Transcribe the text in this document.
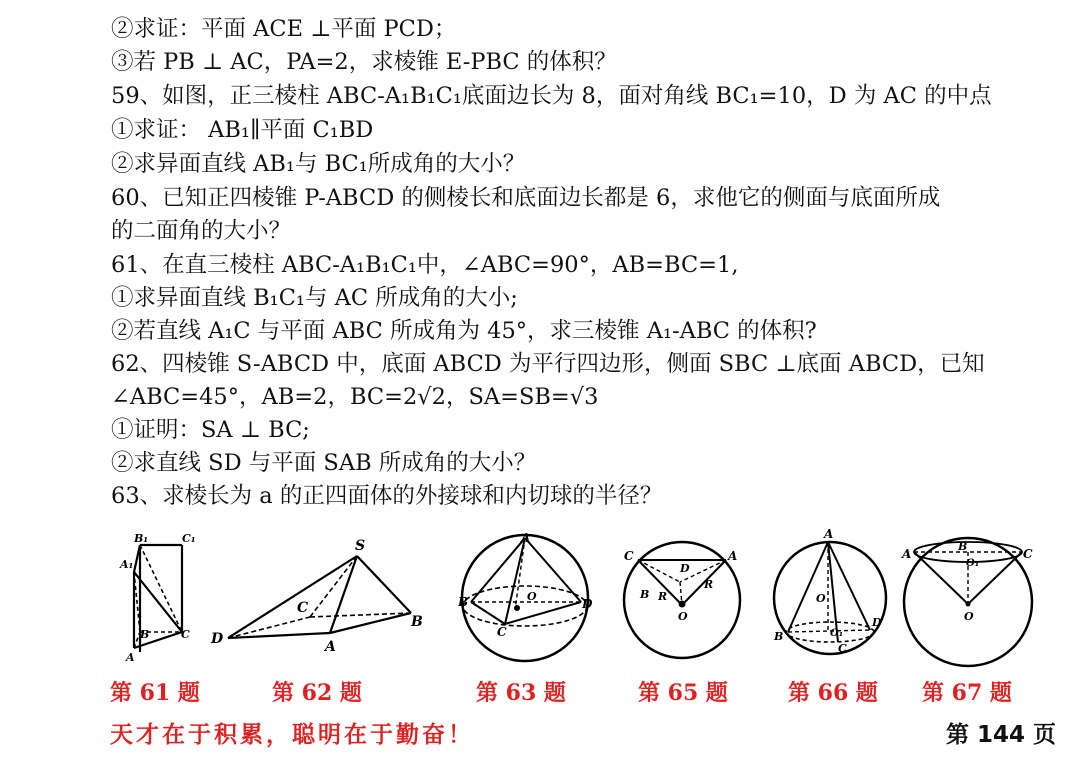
②求证：平面 ACE ⊥平面 PCD；
③若 PB ⊥ AC，PA=2，求棱锥 E-PBC 的体积？
59、如图，正三棱柱 ABC-A₁B₁C₁底面边长为 8，面对角线 BC₁=10，D 为 AC 的中点
①求证： AB₁∥平面 C₁BD
②求异面直线 AB₁与 BC₁所成角的大小？
60、已知正四棱锥 P-ABCD 的侧棱长和底面边长都是 6，求他它的侧面与底面所成
的二面角的大小？
61、在直三棱柱 ABC-A₁B₁C₁中，∠ABC=90°，AB=BC=1,
①求异面直线 B₁C₁与 AC 所成角的大小;
②若直线 A₁C 与平面 ABC 所成角为 45°，求三棱锥 A₁-ABC 的体积?
62、四棱锥 S-ABCD 中，底面 ABCD 为平行四边形，侧面 SBC ⊥底面 ABCD，已知
∠ABC=45°，AB=2，BC=2√2，SA=SB=√3
①证明：SA ⊥ BC;
②求直线 SD 与平面 SAB 所成角的大小？
63、求棱长为 a 的正四面体的外接球和内切球的半径？
B₁	C₁
A₁
B	C
A
S
C
B
D	A
A
B	D
C
O
C	A
D
B R
R
O
A
O
B
D
O₁
C
A
B
C
O₁
O
第 61 题	第 62 题	第 63 题	第 65 题	第 66 题 第 67 题
天才在于积累，聪明在于勤奋！	第 144 页
